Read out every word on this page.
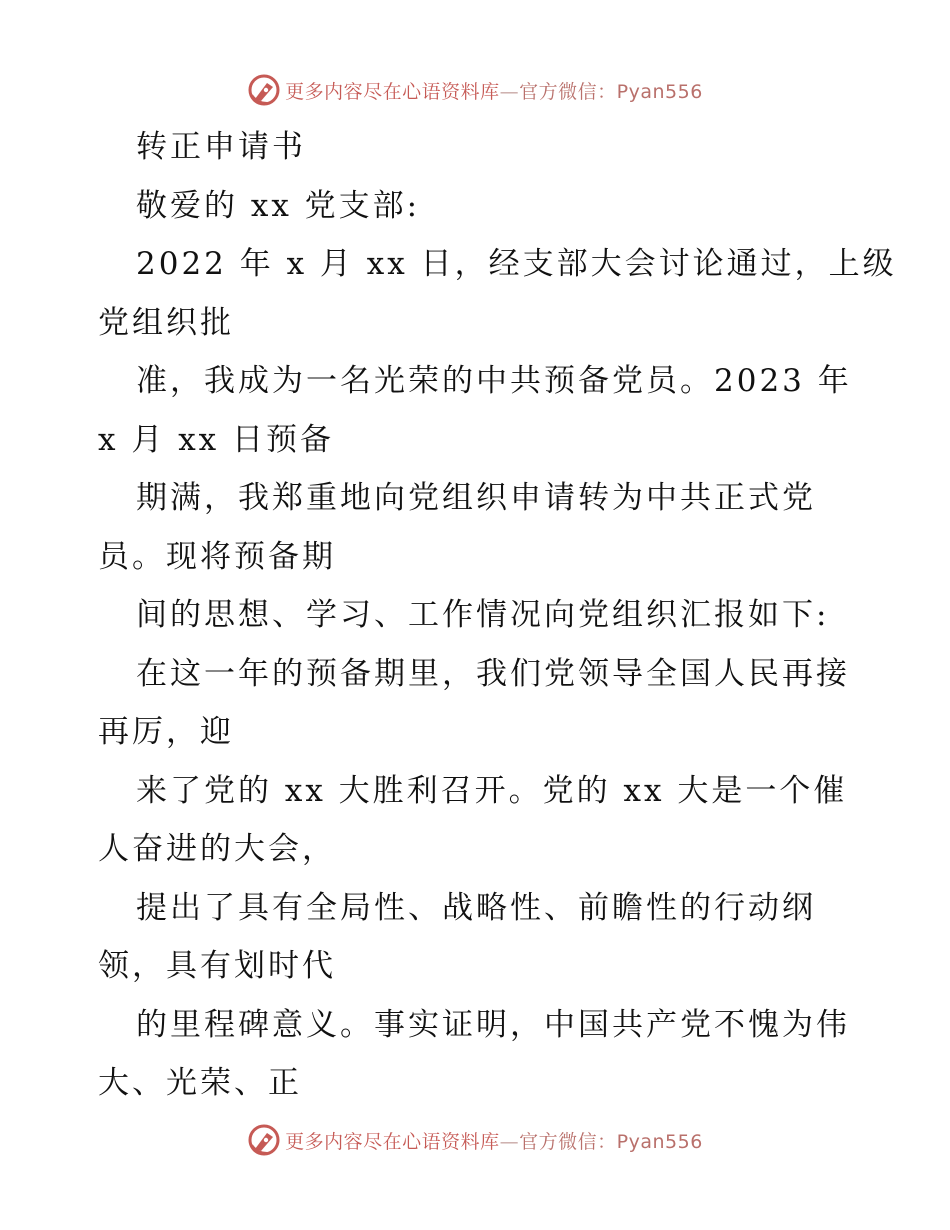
更多内容尽在心语资料库—官方微信：Pyan556
转正申请书
敬爱的 xx 党支部:
2022 年 x 月 xx 日，经支部大会讨论通过，上级
党组织批
准，我成为一名光荣的中共预备党员。2023 年
x 月 xx 日预备
期满，我郑重地向党组织申请转为中共正式党
员。现将预备期
间的思想、学习、工作情况向党组织汇报如下:
在这一年的预备期里，我们党领导全国人民再接
再厉，迎
来了党的 xx 大胜利召开。党的 xx 大是一个催
人奋进的大会，
提出了具有全局性、战略性、前瞻性的行动纲
领，具有划时代
的里程碑意义。事实证明，中国共产党不愧为伟
大、光荣、正
更多内容尽在心语资料库—官方微信：Pyan556
